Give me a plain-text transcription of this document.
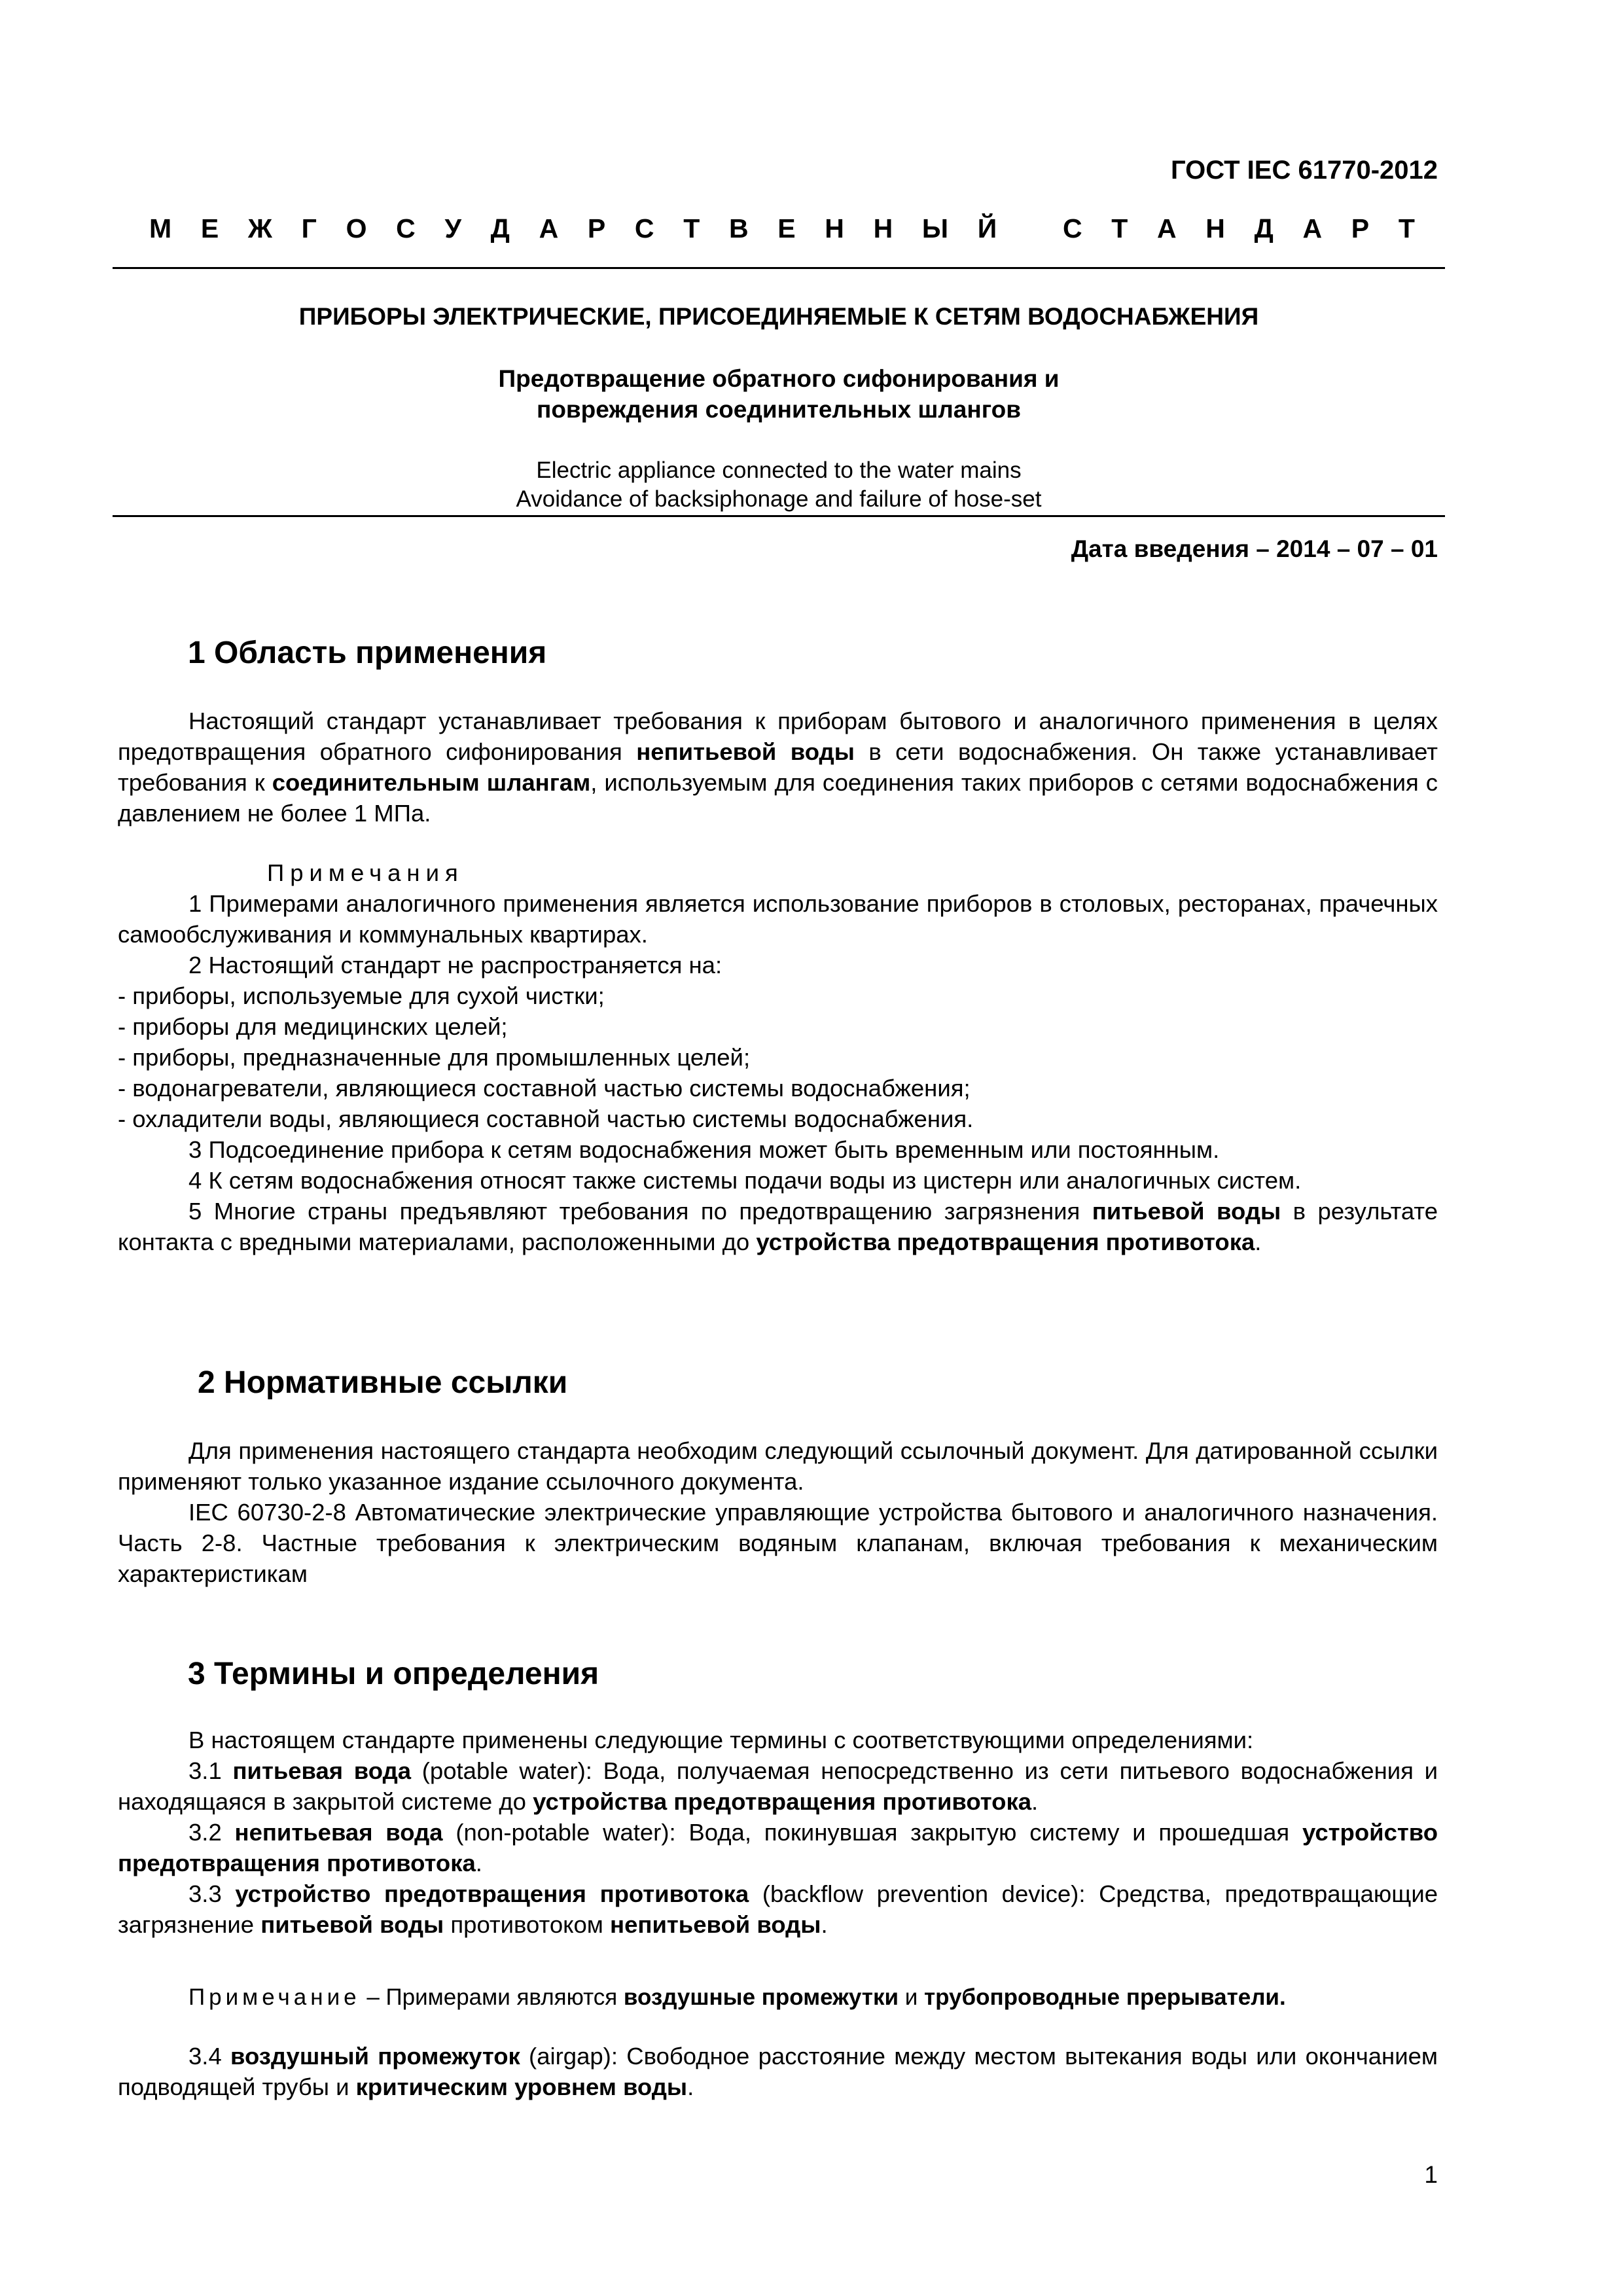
ГОСТ IEC 61770-2012
М Е Ж Г О С У Д А Р С Т В Е Н Н Ы Й
С Т А Н Д А Р Т
ПРИБОРЫ ЭЛЕКТРИЧЕСКИЕ, ПРИСОЕДИНЯЕМЫЕ К СЕТЯМ ВОДОСНАБЖЕНИЯ
Предотвращение обратного сифонирования и
повреждения соединительных шлангов
Electric appliance connected to the water mains
Avoidance of backsiphonage and failure of hose-set
Дата введения – 2014 – 07 – 01
1 Область применения

Настоящий стандарт устанавливает требования к приборам бытового и аналогичного применения в целях предотвращения обратного сифонирования непитьевой воды в сети водоснабжения. Он также устанавливает требования к соединительным шлангам, используемым для соединения таких приборов с сетями водоснабжения с давлением не более 1 МПа.

Примечания

1 Примерами аналогичного применения является использование приборов в столовых, ресторанах, прачечных самообслуживания и коммунальных квартирах.

2 Настоящий стандарт не распространяется на:

- приборы, используемые для сухой чистки;

- приборы для медицинских целей;

- приборы, предназначенные для промышленных целей;

- водонагреватели, являющиеся составной частью системы водоснабжения;

- охладители воды, являющиеся составной частью системы водоснабжения.

3 Подсоединение прибора к сетям водоснабжения может быть временным или постоянным.

4 К сетям водоснабжения относят также системы подачи воды из цистерн или аналогичных систем.

5 Многие страны предъявляют требования по предотвращению загрязнения питьевой воды в результате контакта с вредными материалами, расположенными до устройства предотвращения противотока.

2 Нормативные ссылки

Для применения настоящего стандарта необходим следующий ссылочный документ. Для датированной ссылки применяют только указанное издание ссылочного документа.

IEC 60730-2-8 Автоматические электрические управляющие устройства бытового и аналогичного назначения. Часть 2-8. Частные требования к электрическим водяным клапанам, включая требования к механическим характеристикам

3 Термины и определения

В настоящем стандарте применены следующие термины с соответствующими определениями:

3.1 питьевая вода (potable water): Вода, получаемая непосредственно из сети питьевого водоснабжения и находящаяся в закрытой системе до устройства предотвращения противотока.

3.2 непитьевая вода (non-potable water): Вода, покинувшая закрытую систему и прошедшая устройство предотвращения противотока.

3.3 устройство предотвращения противотока (backflow prevention device): Средства, предотвращающие загрязнение питьевой воды противотоком непитьевой воды.

Примечание – Примерами являются воздушные промежутки и трубопроводные прерыватели.

3.4 воздушный промежуток (airgap): Свободное расстояние между местом вытекания воды или окончанием подводящей трубы и критическим уровнем воды.

1
